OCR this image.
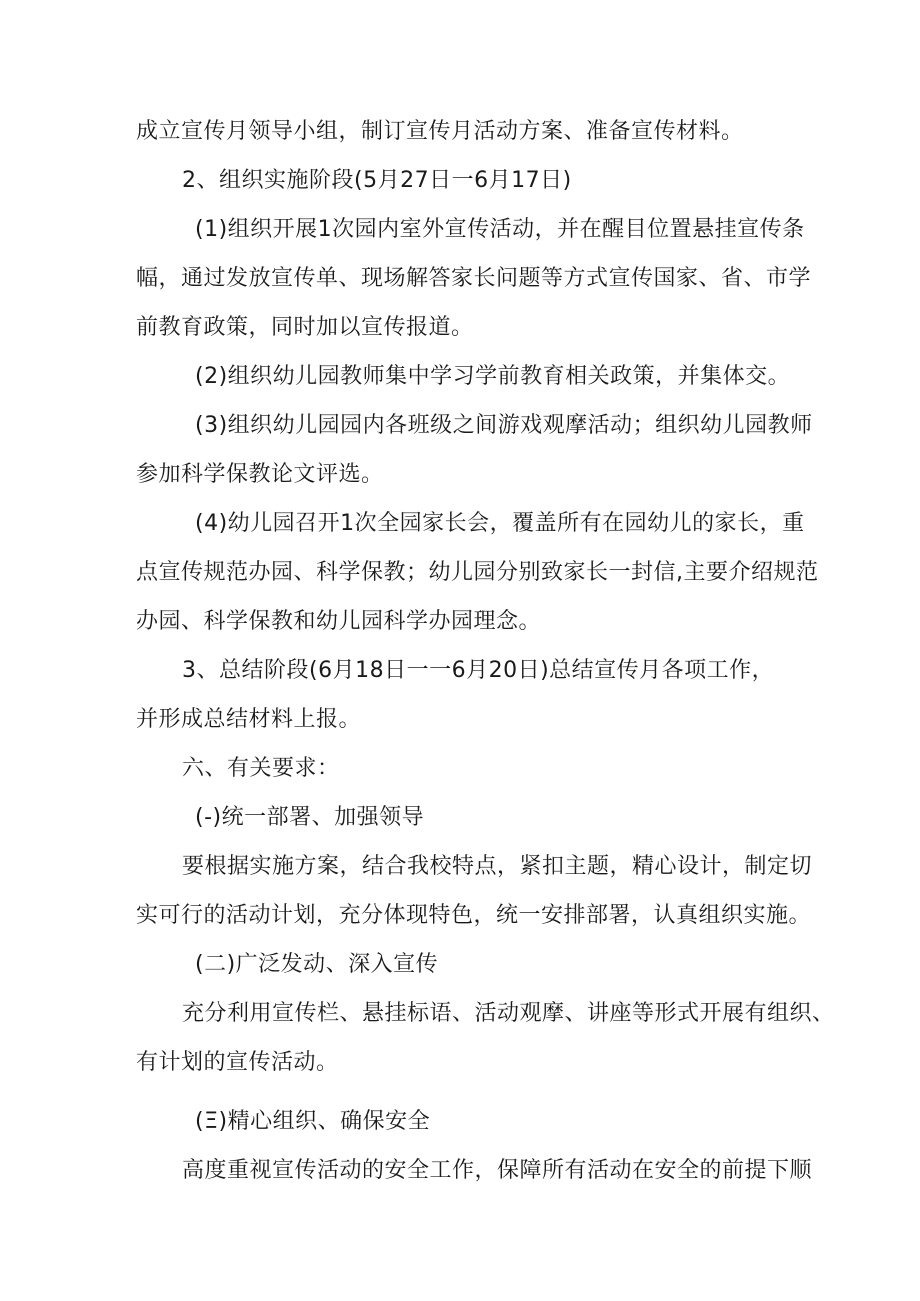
成立宣传月领导小组，制订宣传月活动方案、准备宣传材料。
2、组织实施阶段(5月27日一6月17日)
(1)组织开展1次园内室外宣传活动，并在醒目位置悬挂宣传条
幅，通过发放宣传单、现场解答家长问题等方式宣传国家、省、市学
前教育政策，同时加以宣传报道。
(2)组织幼儿园教师集中学习学前教育相关政策，并集体交。
(3)组织幼儿园园内各班级之间游戏观摩活动；组织幼儿园教师
参加科学保教论文评选。
(4)幼儿园召开1次全园家长会，覆盖所有在园幼儿的家长，重
点宣传规范办园、科学保教；幼儿园分别致家长一封信,主要介绍规范
办园、科学保教和幼儿园科学办园理念。
3、总结阶段(6月18日一一6月20日)总结宣传月各项工作，
并形成总结材料上报。
六、有关要求：
(-)统一部署、加强领导
要根据实施方案，结合我校特点，紧扣主题，精心设计，制定切
实可行的活动计划，充分体现特色，统一安排部署，认真组织实施。
(二)广泛发动、深入宣传
充分利用宣传栏、悬挂标语、活动观摩、讲座等形式开展有组织、
有计划的宣传活动。
(Ξ)精心组织、确保安全
高度重视宣传活动的安全工作，保障所有活动在安全的前提下顺
